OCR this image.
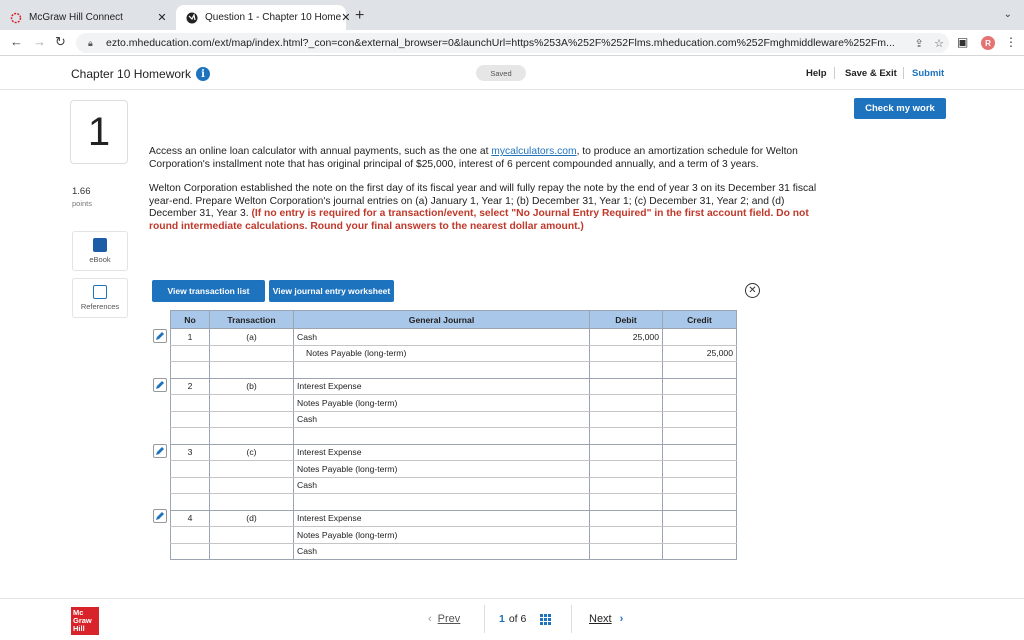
McGraw Hill Connect	✕	Question 1 - Chapter 10 Home ✕ +	⌄
← → ↻ 🔒︎	ezto.mheducation.com/ext/map/index.html?_con=con&external_browser=0&launchUrl=https%253A%252F%252Flms.mheducation.com%252Fmghmiddleware%252Fm...	⇪ ☆	▣	⋮
R
Chapter 10 Homework	i	Saved	Help Save & Exit Submit
Check my work
1
1.66
points
eBook
References

Access an online loan calculator with annual payments, such as the one at mycalculators.com, to produce an amortization schedule for Welton Corporation's installment note that has original principal of $25,000, interest of 6 percent compounded annually, and a term of 3 years.

Welton Corporation established the note on the first day of its fiscal year and will fully repay the note by the end of year 3 on its December 31 fiscal year-end. Prepare Welton Corporation's journal entries on (a) January 1, Year 1; (b) December 31, Year 1; (c) December 31, Year 2; and (d) December 31, Year 3. (If no entry is required for a transaction/event, select "No Journal Entry Required" in the first account field. Do not round intermediate calculations. Round your final answers to the nearest dollar amount.)

View transaction list	View journal entry worksheet	✕
No	Transaction	General Journal	Debit	Credit
1	(a)	Cash	25,000	
		Notes Payable (long-term)		25,000

2	(b)	Interest Expense		
		Notes Payable (long-term)		
		Cash		

3	(c)	Interest Expense		
		Notes Payable (long-term)		
		Cash		

4	(d)	Interest Expense		
		Notes Payable (long-term)		
		Cash		
Mc Graw Hill
‹ Prev	1 of 6	Next ›
